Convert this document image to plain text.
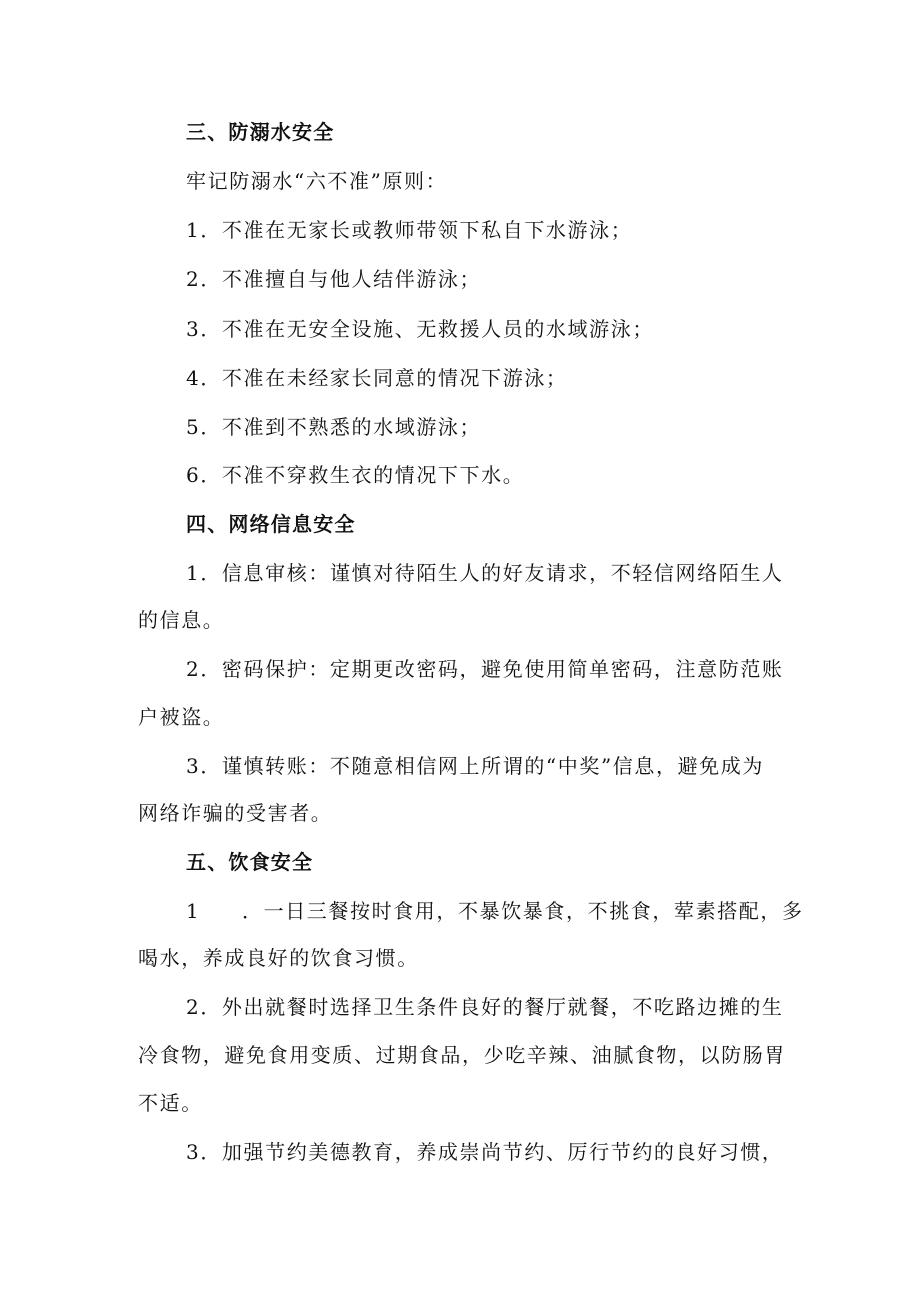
三、防溺水安全
牢记防溺水“六不准”原则：
1．不准在无家长或教师带领下私自下水游泳；
2．不准擅自与他人结伴游泳；
3．不准在无安全设施、无救援人员的水域游泳；
4．不准在未经家长同意的情况下游泳；
5．不准到不熟悉的水域游泳；
6．不准不穿救生衣的情况下下水。
四、网络信息安全
1．信息审核：谨慎对待陌生人的好友请求，不轻信网络陌生人
的信息。
2．密码保护：定期更改密码，避免使用简单密码，注意防范账
户被盗。
3．谨慎转账：不随意相信网上所谓的“中奖”信息，避免成为
网络诈骗的受害者。
五、饮食安全
1 ．一日三餐按时食用，不暴饮暴食，不挑食，荤素搭配，多
喝水，养成良好的饮食习惯。
2．外出就餐时选择卫生条件良好的餐厅就餐，不吃路边摊的生
冷食物，避免食用变质、过期食品，少吃辛辣、油腻食物，以防肠胃
不适。
3．加强节约美德教育，养成崇尚节约、厉行节约的良好习惯，
